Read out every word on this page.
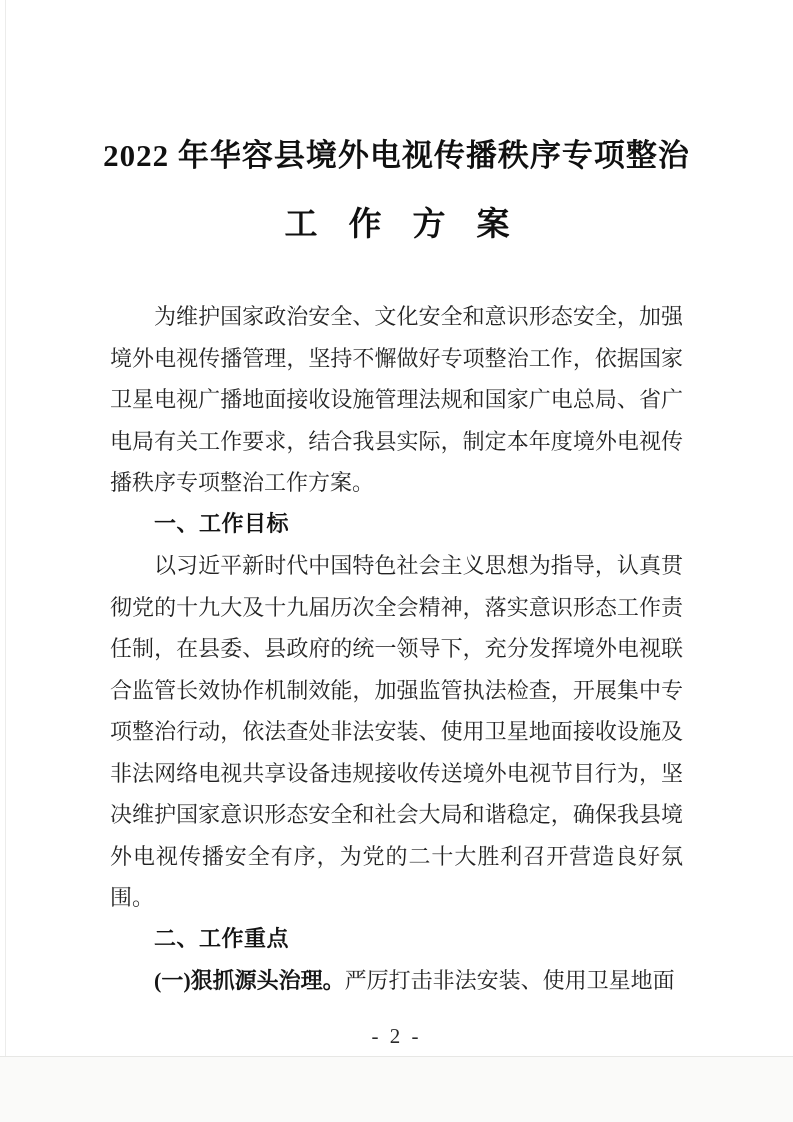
2022 年华容县境外电视传播秩序专项整治
工作方案

为维护国家政治安全、文化安全和意识形态安全，加强境外电视传播管理，坚持不懈做好专项整治工作，依据国家卫星电视广播地面接收设施管理法规和国家广电总局、省广电局有关工作要求，结合我县实际，制定本年度境外电视传播秩序专项整治工作方案。

一、工作目标

以习近平新时代中国特色社会主义思想为指导，认真贯彻党的十九大及十九届历次全会精神，落实意识形态工作责任制，在县委、县政府的统一领导下，充分发挥境外电视联合监管长效协作机制效能，加强监管执法检查，开展集中专项整治行动，依法查处非法安装、使用卫星地面接收设施及非法网络电视共享设备违规接收传送境外电视节目行为，坚决维护国家意识形态安全和社会大局和谐稳定，确保我县境外电视传播安全有序，为党的二十大胜利召开营造良好氛围。

二、工作重点

(一)狠抓源头治理。严厉打击非法安装、使用卫星地面

- 2 -
